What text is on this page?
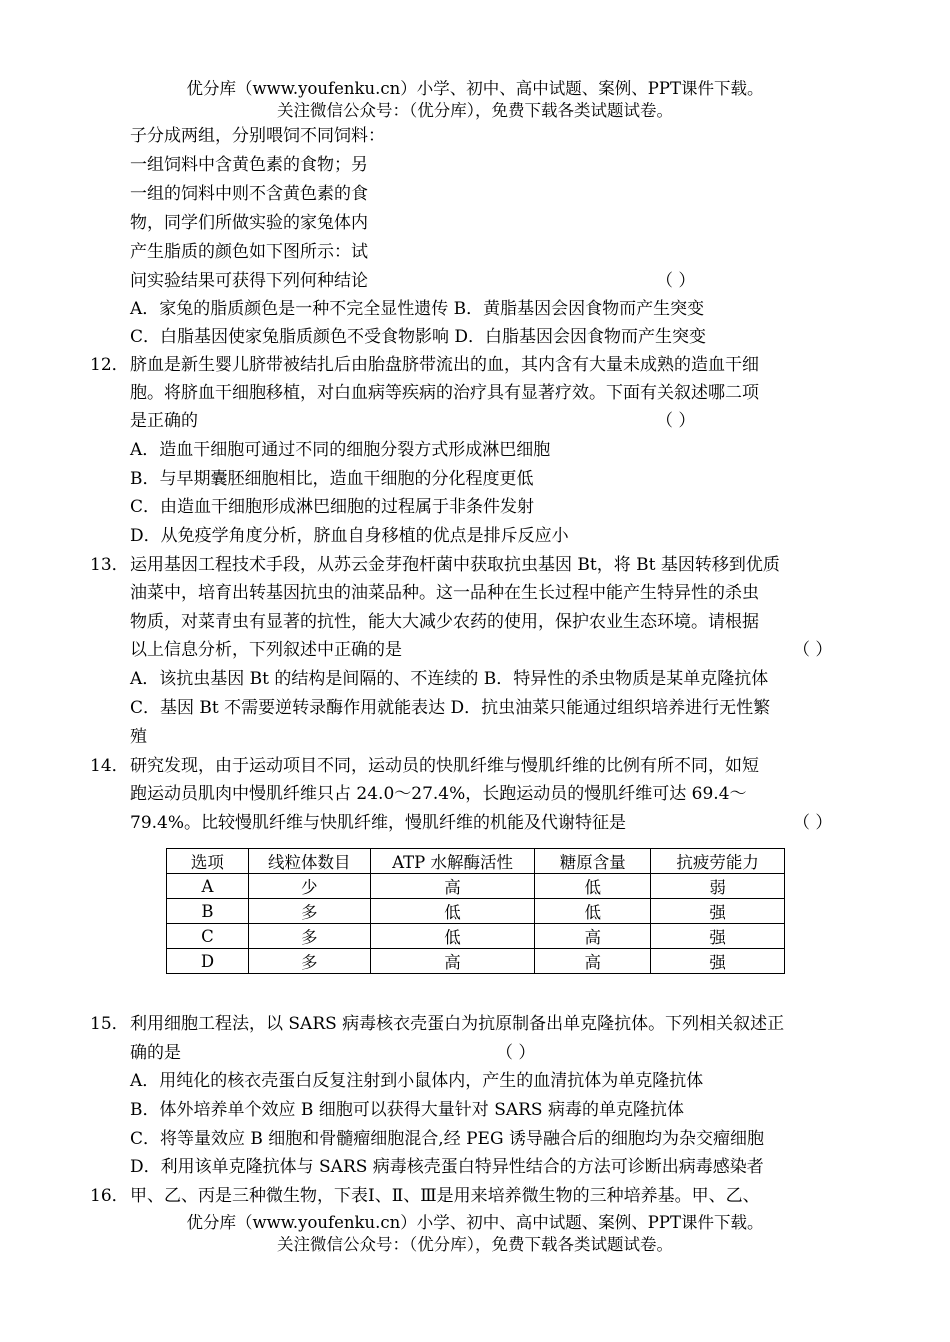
优分库（www.youfenku.cn）小学、初中、高中试题、案例、PPT课件下载。
关注微信公众号：（优分库），免费下载各类试题试卷。
子分成两组，分别喂饲不同饲料：
一组饲料中含黄色素的食物；另
一组的饲料中则不含黄色素的食
物，同学们所做实验的家兔体内
产生脂质的颜色如下图所示：试
问实验结果可获得下列何种结论	（ ）
A．家兔的脂质颜色是一种不完全显性遗传 B．黄脂基因会因食物而产生突变
C．白脂基因使家兔脂质颜色不受食物影响 D．白脂基因会因食物而产生突变
12． 脐血是新生婴儿脐带被结扎后由胎盘脐带流出的血，其内含有大量未成熟的造血干细
胞。将脐血干细胞移植，对白血病等疾病的治疗具有显著疗效。下面有关叙述哪二项
是正确的	（ ）
A．造血干细胞可通过不同的细胞分裂方式形成淋巴细胞
B．与早期囊胚细胞相比，造血干细胞的分化程度更低
C．由造血干细胞形成淋巴细胞的过程属于非条件发射
D．从免疫学角度分析，脐血自身移植的优点是排斥反应小
13． 运用基因工程技术手段，从苏云金芽孢杆菌中获取抗虫基因 Bt，将 Bt 基因转移到优质
油菜中，培育出转基因抗虫的油菜品种。这一品种在生长过程中能产生特异性的杀虫
物质，对菜青虫有显著的抗性，能大大减少农药的使用，保护农业生态环境。请根据
以上信息分析，下列叙述中正确的是	（ ）
A．该抗虫基因 Bt 的结构是间隔的、不连续的 B．特异性的杀虫物质是某单克隆抗体
C．基因 Bt 不需要逆转录酶作用就能表达 D．抗虫油菜只能通过组织培养进行无性繁
殖
14． 研究发现，由于运动项目不同，运动员的快肌纤维与慢肌纤维的比例有所不同，如短
跑运动员肌肉中慢肌纤维只占 24.0～27.4%，长跑运动员的慢肌纤维可达 69.4～
79.4%。比较慢肌纤维与快肌纤维，慢肌纤维的机能及代谢特征是	（ ）
选项	线粒体数目	ATP 水解酶活性	糖原含量	抗疲劳能力
A	少	高	低	弱
B	多	低	低	强
C	多	低	高	强
D	多	高	高	强
15． 利用细胞工程法，以 SARS 病毒核衣壳蛋白为抗原制备出单克隆抗体。下列相关叙述正
确的是	（ ）
A．用纯化的核衣壳蛋白反复注射到小鼠体内，产生的血清抗体为单克隆抗体
B．体外培养单个效应 B 细胞可以获得大量针对 SARS 病毒的单克隆抗体
C．将等量效应 B 细胞和骨髓瘤细胞混合,经 PEG 诱导融合后的细胞均为杂交瘤细胞
D．利用该单克隆抗体与 SARS 病毒核壳蛋白特异性结合的方法可诊断出病毒感染者
16． 甲、乙、丙是三种微生物，下表Ⅰ、Ⅱ、Ⅲ是用来培养微生物的三种培养基。甲、乙、
优分库（www.youfenku.cn）小学、初中、高中试题、案例、PPT课件下载。
关注微信公众号：（优分库），免费下载各类试题试卷。
